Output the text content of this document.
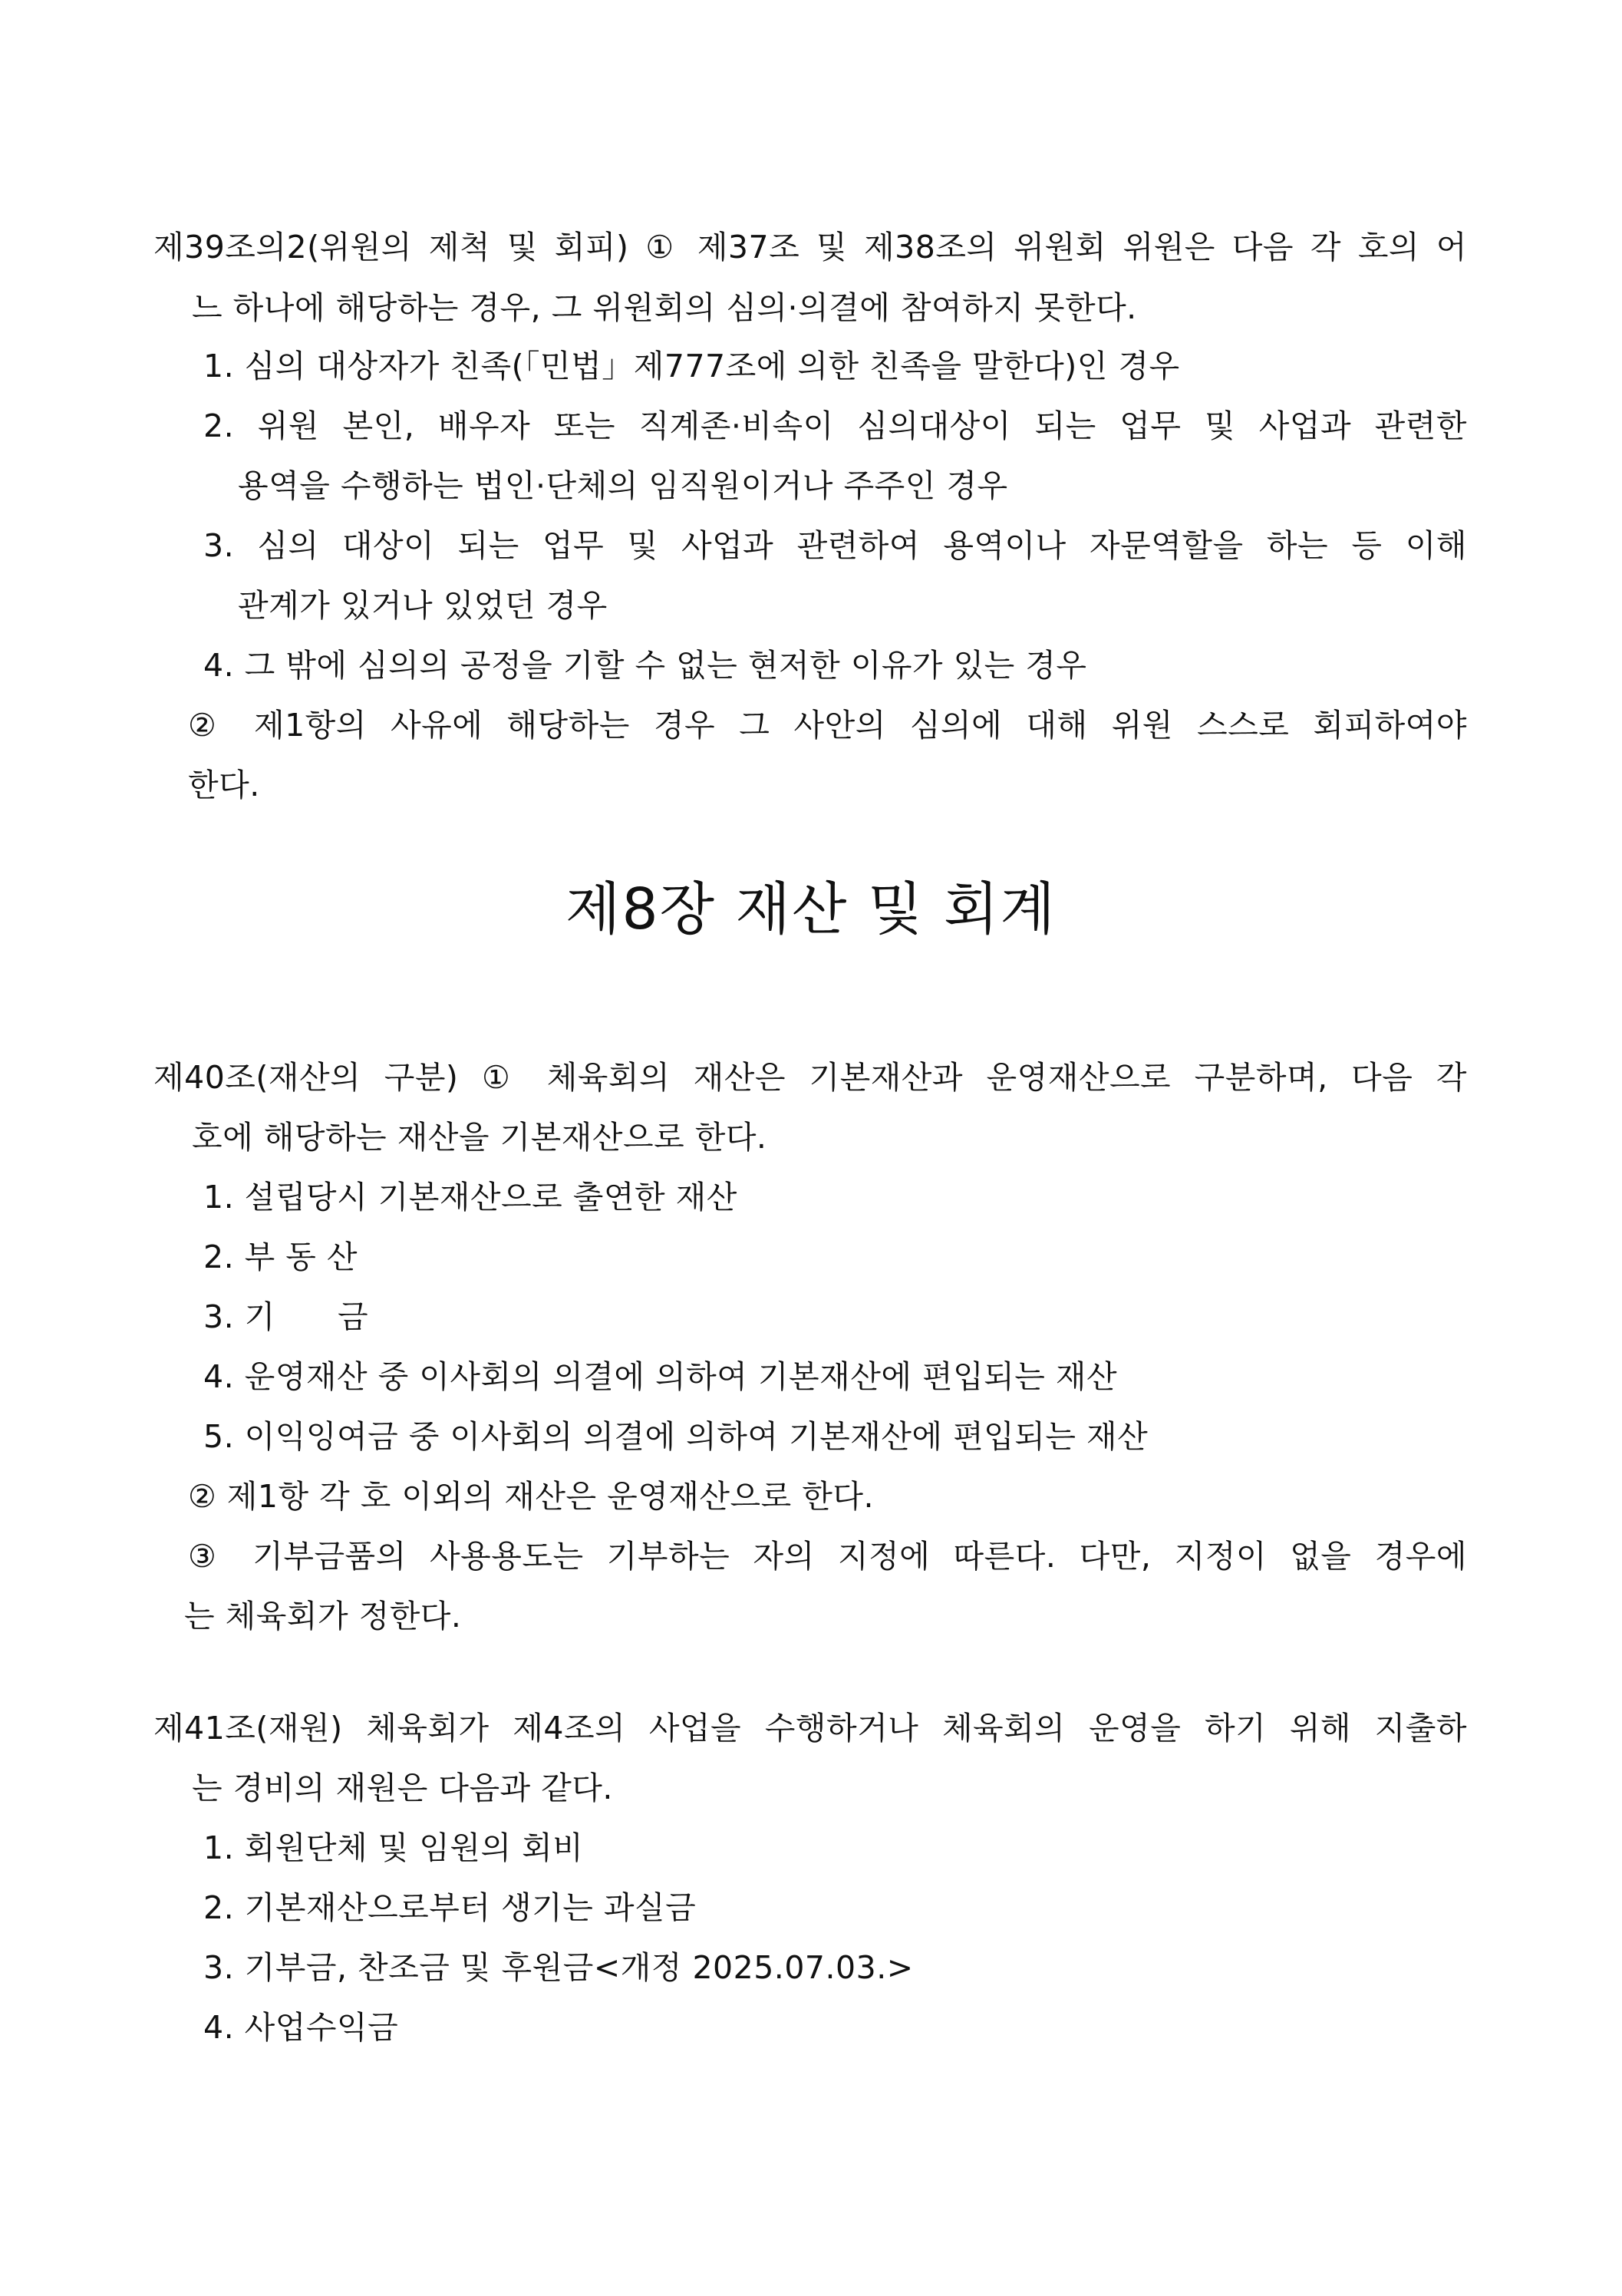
제39조의2(위원의 제척 및 회피) ① 제37조 및 제38조의 위원회 위원은 다음 각 호의 어
느 하나에 해당하는 경우, 그 위원회의 심의·의결에 참여하지 못한다.
1. 심의 대상자가 친족(「민법」제777조에 의한 친족을 말한다)인 경우
2. 위원 본인, 배우자 또는 직계존·비속이 심의대상이 되는 업무 및 사업과 관련한
용역을 수행하는 법인·단체의 임직원이거나 주주인 경우
3. 심의 대상이 되는 업무 및 사업과 관련하여 용역이나 자문역할을 하는 등 이해
관계가 있거나 있었던 경우
4. 그 밖에 심의의 공정을 기할 수 없는 현저한 이유가 있는 경우
② 제1항의 사유에 해당하는 경우 그 사안의 심의에 대해 위원 스스로 회피하여야
한다.
제8장 재산 및 회계
제40조(재산의 구분) ① 체육회의 재산은 기본재산과 운영재산으로 구분하며, 다음 각
호에 해당하는 재산을 기본재산으로 한다.
1. 설립당시 기본재산으로 출연한 재산
2. 부 동 산
3. 기      금
4. 운영재산 중 이사회의 의결에 의하여 기본재산에 편입되는 재산
5. 이익잉여금 중 이사회의 의결에 의하여 기본재산에 편입되는 재산
② 제1항 각 호 이외의 재산은 운영재산으로 한다.
③ 기부금품의 사용용도는 기부하는 자의 지정에 따른다. 다만, 지정이 없을 경우에
는 체육회가 정한다.
제41조(재원) 체육회가 제4조의 사업을 수행하거나 체육회의 운영을 하기 위해 지출하
는 경비의 재원은 다음과 같다.
1. 회원단체 및 임원의 회비
2. 기본재산으로부터 생기는 과실금
3. 기부금, 찬조금 및 후원금<개정 2025.07.03.>
4. 사업수익금
